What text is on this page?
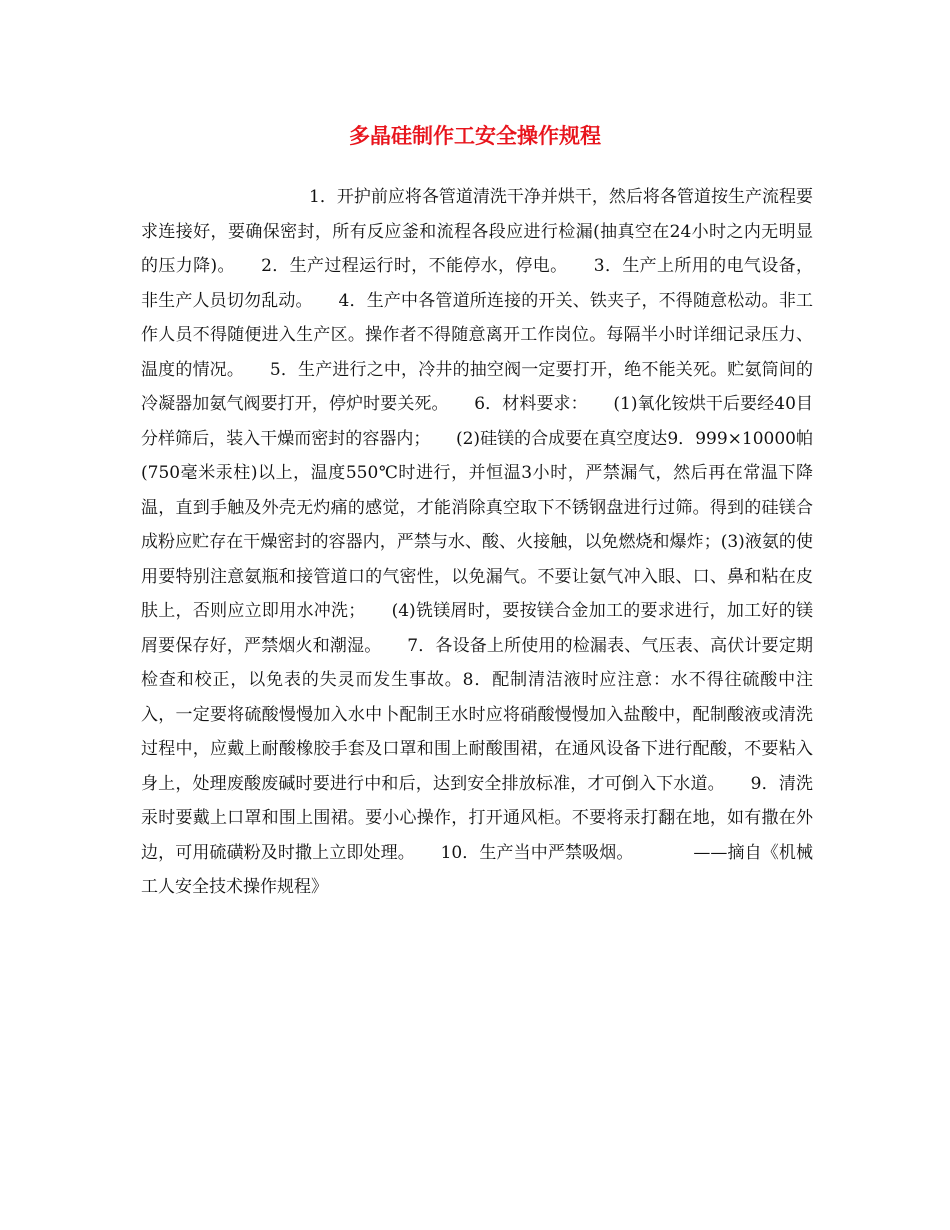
多晶硅制作工安全操作规程

1．开护前应将各管道清洗干净并烘干，然后将各管道按生产流程要求连接好，要确保密封，所有反应釜和流程各段应进行检漏(抽真空在24小时之内无明显的压力降)。　　2．生产过程运行时，不能停水，停电。　　3．生产上所用的电气设备，非生产人员切勿乱动。　　4．生产中各管道所连接的开关、铁夹子，不得随意松动。非工作人员不得随便进入生产区。操作者不得随意离开工作岗位。每隔半小时详细记录压力、温度的情况。　　5．生产进行之中，冷井的抽空阀一定要打开，绝不能关死。贮氨筒间的冷凝器加氨气阀要打开，停炉时要关死。　　6．材料要求：　　(1)氧化铵烘干后要经40目分样筛后，装入干燥而密封的容器内；　　(2)硅镁的合成要在真空度达9．999×10000帕(750毫米汞柱)以上，温度550℃时进行，并恒温3小时，严禁漏气，然后再在常温下降温，直到手触及外壳无灼痛的感觉，才能消除真空取下不锈钢盘进行过筛。得到的硅镁合成粉应贮存在干燥密封的容器内，严禁与水、酸、火接触，以免燃烧和爆炸；(3)液氨的使用要特别注意氨瓶和接管道口的气密性，以免漏气。不要让氨气冲入眼、口、鼻和粘在皮肤上，否则应立即用水冲洗；　　(4)铣镁屑时，要按镁合金加工的要求进行，加工好的镁屑要保存好，严禁烟火和潮湿。　　7．各设备上所使用的检漏表、气压表、高伏计要定期检查和校正，以免表的失灵而发生事故。8．配制清洁液时应注意：水不得往硫酸中注入，一定要将硫酸慢慢加入水中卜配制王水时应将硝酸慢慢加入盐酸中，配制酸液或清洗过程中，应戴上耐酸橡胶手套及口罩和围上耐酸围裙，在通风设备下进行配酸，不要粘入身上，处理废酸废碱时要进行中和后，达到安全排放标准，才可倒入下水道。　　9．清洗汞时要戴上口罩和围上围裙。要小心操作，打开通风柜。不要将汞打翻在地，如有撒在外边，可用硫磺粉及时撒上立即处理。　　10．生产当中严禁吸烟。　　　　——摘自《机械工人安全技术操作规程》
